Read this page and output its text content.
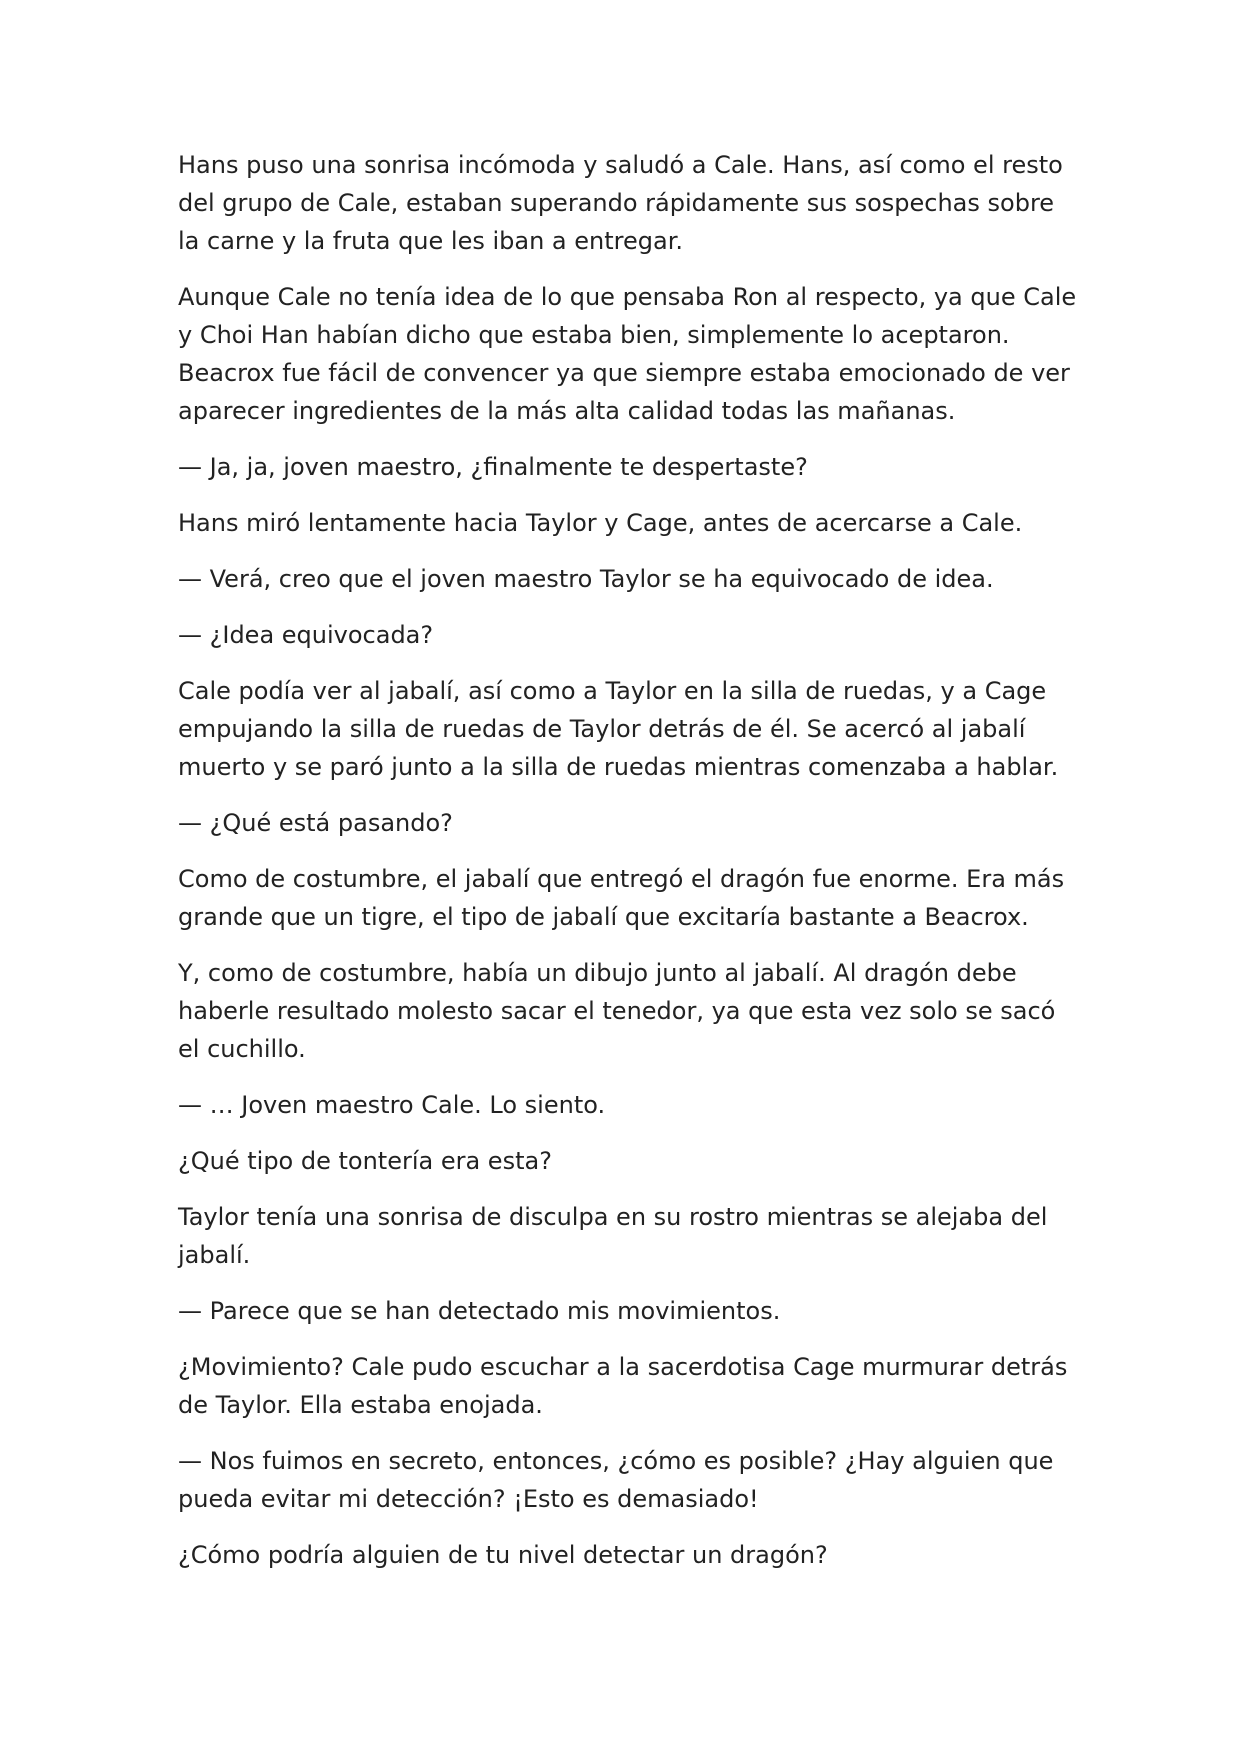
Hans puso una sonrisa incómoda y saludó a Cale. Hans, así como el resto del grupo de Cale, estaban superando rápidamente sus sospechas sobre la carne y la fruta que les iban a entregar.

Aunque Cale no tenía idea de lo que pensaba Ron al respecto, ya que Cale y Choi Han habían dicho que estaba bien, simplemente lo aceptaron. Beacrox fue fácil de convencer ya que siempre estaba emocionado de ver aparecer ingredientes de la más alta calidad todas las mañanas.

— Ja, ja, joven maestro, ¿finalmente te despertaste?

Hans miró lentamente hacia Taylor y Cage, antes de acercarse a Cale.

— Verá, creo que el joven maestro Taylor se ha equivocado de idea.

— ¿Idea equivocada?

Cale podía ver al jabalí, así como a Taylor en la silla de ruedas, y a Cage empujando la silla de ruedas de Taylor detrás de él. Se acercó al jabalí muerto y se paró junto a la silla de ruedas mientras comenzaba a hablar.

— ¿Qué está pasando?

Como de costumbre, el jabalí que entregó el dragón fue enorme. Era más grande que un tigre, el tipo de jabalí que excitaría bastante a Beacrox.

Y, como de costumbre, había un dibujo junto al jabalí. Al dragón debe haberle resultado molesto sacar el tenedor, ya que esta vez solo se sacó el cuchillo.

— … Joven maestro Cale. Lo siento.

¿Qué tipo de tontería era esta?

Taylor tenía una sonrisa de disculpa en su rostro mientras se alejaba del jabalí.

— Parece que se han detectado mis movimientos.

¿Movimiento? Cale pudo escuchar a la sacerdotisa Cage murmurar detrás de Taylor. Ella estaba enojada.

— Nos fuimos en secreto, entonces, ¿cómo es posible? ¿Hay alguien que pueda evitar mi detección? ¡Esto es demasiado!

¿Cómo podría alguien de tu nivel detectar un dragón?
